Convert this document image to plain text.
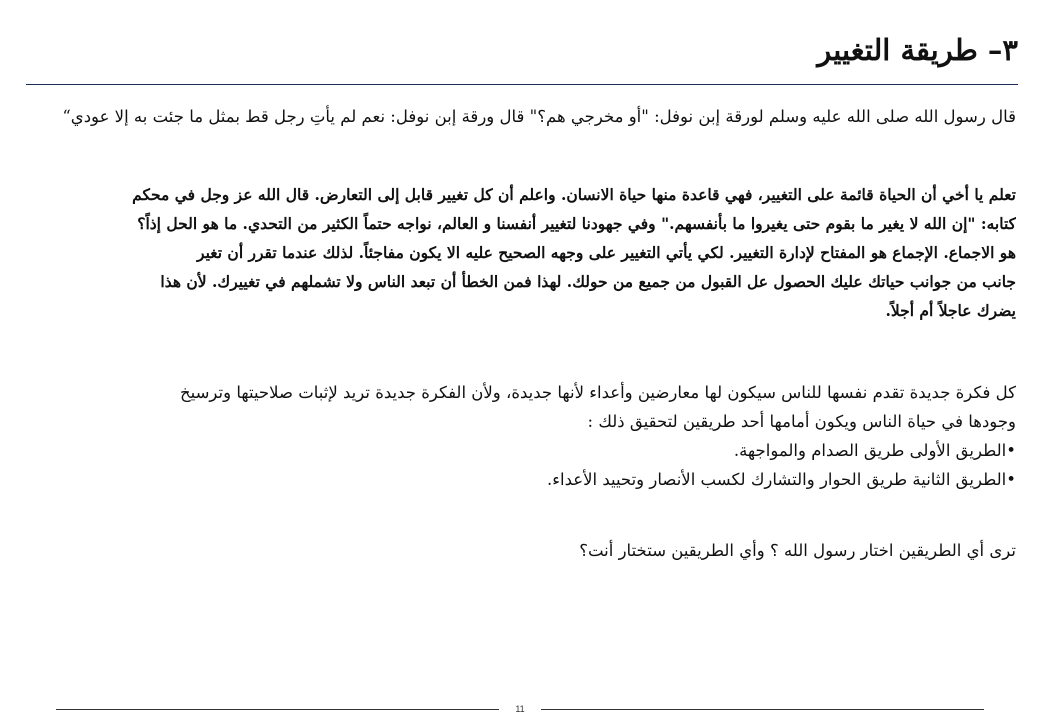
٣– طريقة التغيير
قال رسول الله صلى الله عليه وسلم لورقة إبن نوفل: "أو مخرجي هم؟" قال ورقة إبن نوفل: نعم لم يأتِ رجل قط بمثل ما جئت به إلا عودي“
تعلم يا أخي أن الحياة قائمة على التغيير، فهي قاعدة منها حياة الانسان. واعلم أن كل تغيير قابل إلى التعارض. قال الله عز وجل في محكم
كتابه: "إن الله لا يغير ما بقوم حتى يغيروا ما بأنفسهم." وفي جهودنا لتغيير أنفسنا و العالم، نواجه حتماً الكثير من التحدي. ما هو الحل إذاً؟
هو الاجماع. الإجماع هو المفتاح لإدارة التغيير. لكي يأتي التغيير على وجهه الصحيح عليه الا يكون مفاجئاً. لذلك عندما تقرر أن تغير
جانب من جوانب حياتك عليك الحصول عل القبول من جميع من حولك. لهذا فمن الخطأ أن تبعد الناس ولا تشملهم في تغييرك. لأن هذا
يضرك عاجلاً أم أجلاً.
كل فكرة جديدة تقدم نفسها للناس سيكون لها معارضين وأعداء لأنها جديدة، ولأن الفكرة جديدة تريد لإثبات صلاحيتها وترسيخ
وجودها في حياة الناس ويكون أمامها أحد طريقين لتحقيق ذلك :
•الطريق الأولى طريق الصدام والمواجهة.
•الطريق الثانية طريق الحوار والتشارك لكسب الأنصار وتحييد الأعداء.
ترى أي الطريقين اختار رسول الله ؟ وأي الطريقين ستختار أنت؟
11
